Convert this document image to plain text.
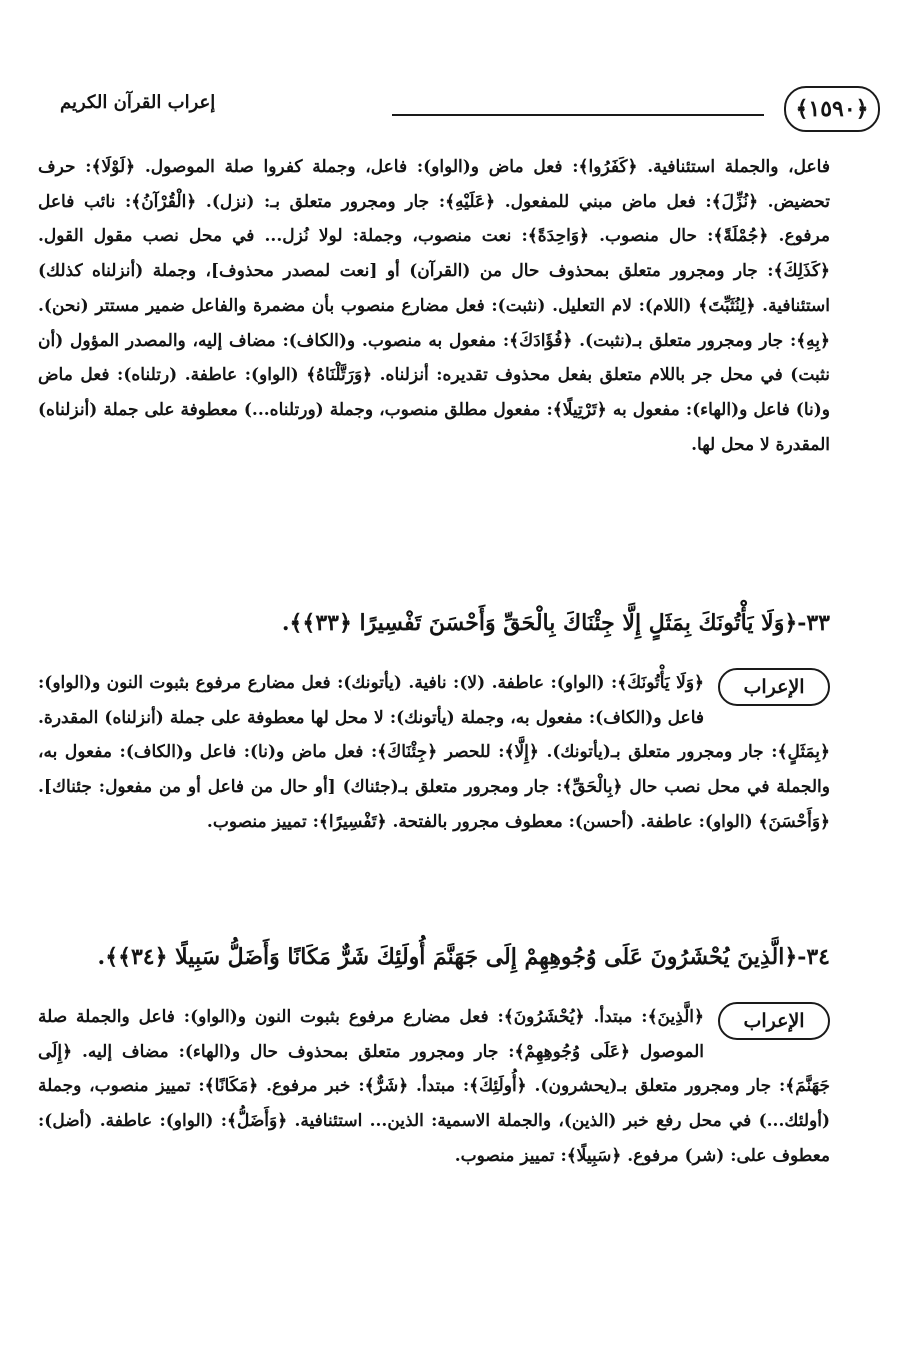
﴿١٥٩٠﴾
إعراب القرآن الكريم

فاعل، والجملة استئنافية. ﴿كَفَرُوا﴾: فعل ماض و(الواو): فاعل، وجملة كفروا صلة الموصول. ﴿لَوْلَا﴾: حرف تحضيض. ﴿نُزِّلَ﴾: فعل ماض مبني للمفعول. ﴿عَلَيْهِ﴾: جار ومجرور متعلق بـ: (نزل). ﴿الْقُرْآنُ﴾: نائب فاعل مرفوع. ﴿جُمْلَةً﴾: حال منصوب. ﴿وَاحِدَةً﴾: نعت منصوب، وجملة: لولا نُزل... في محل نصب مقول القول. ﴿كَذَلِكَ﴾: جار ومجرور متعلق بمحذوف حال من (القرآن) أو [نعت لمصدر محذوف]، وجملة (أنزلناه كذلك) استئنافية. ﴿لِنُثَبِّتَ﴾ (اللام): لام التعليل. (نثبت): فعل مضارع منصوب بأن مضمرة والفاعل ضمير مستتر (نحن). ﴿بِهِ﴾: جار ومجرور متعلق بـ(نثبت). ﴿فُؤَادَكَ﴾: مفعول به منصوب. و(الكاف): مضاف إليه، والمصدر المؤول (أن نثبت) في محل جر باللام متعلق بفعل محذوف تقديره: أنزلناه. ﴿وَرَتَّلْنَاهُ﴾ (الواو): عاطفة. (رتلناه): فعل ماض و(نا) فاعل و(الهاء): مفعول به ﴿تَرْتِيلًا﴾: مفعول مطلق منصوب، وجملة (ورتلناه...) معطوفة على جملة (أنزلناه) المقدرة لا محل لها.

٣٣-﴿وَلَا يَأْتُونَكَ بِمَثَلٍ إِلَّا جِئْنَاكَ بِالْحَقِّ وَأَحْسَنَ تَفْسِيرًا ﴿٣٣﴾﴾.
الإعراب

﴿وَلَا يَأْتُونَكَ﴾: (الواو): عاطفة. (لا): نافية. (يأتونك): فعل مضارع مرفوع بثبوت النون و(الواو): فاعل و(الكاف): مفعول به، وجملة (يأتونك): لا محل لها معطوفة على جملة (أنزلناه) المقدرة. ﴿بِمَثَلٍ﴾: جار ومجرور متعلق بـ(يأتونك). ﴿إِلَّا﴾: للحصر ﴿جِئْنَاكَ﴾: فعل ماض و(نا): فاعل و(الكاف): مفعول به، والجملة في محل نصب حال ﴿بِالْحَقِّ﴾: جار ومجرور متعلق بـ(جئناك) [أو حال من فاعل أو من مفعول: جئناك]. ﴿وَأَحْسَنَ﴾ (الواو): عاطفة. (أحسن): معطوف مجرور بالفتحة. ﴿تَفْسِيرًا﴾: تمييز منصوب.

٣٤-﴿الَّذِينَ يُحْشَرُونَ عَلَى وُجُوهِهِمْ إِلَى جَهَنَّمَ أُولَئِكَ شَرٌّ مَكَانًا وَأَضَلُّ سَبِيلًا ﴿٣٤﴾﴾.
الإعراب

﴿الَّذِينَ﴾: مبتدأ. ﴿يُحْشَرُونَ﴾: فعل مضارع مرفوع بثبوت النون و(الواو): فاعل والجملة صلة الموصول ﴿عَلَى وُجُوهِهِمْ﴾: جار ومجرور متعلق بمحذوف حال و(الهاء): مضاف إليه. ﴿إِلَى جَهَنَّمَ﴾: جار ومجرور متعلق بـ(يحشرون). ﴿أُولَئِكَ﴾: مبتدأ. ﴿شَرٌّ﴾: خبر مرفوع. ﴿مَكَانًا﴾: تمييز منصوب، وجملة (أولئك...) في محل رفع خبر (الذين)، والجملة الاسمية: الذين... استئنافية. ﴿وَأَضَلُّ﴾: (الواو): عاطفة. (أضل): معطوف على: (شر) مرفوع. ﴿سَبِيلًا﴾: تمييز منصوب.
